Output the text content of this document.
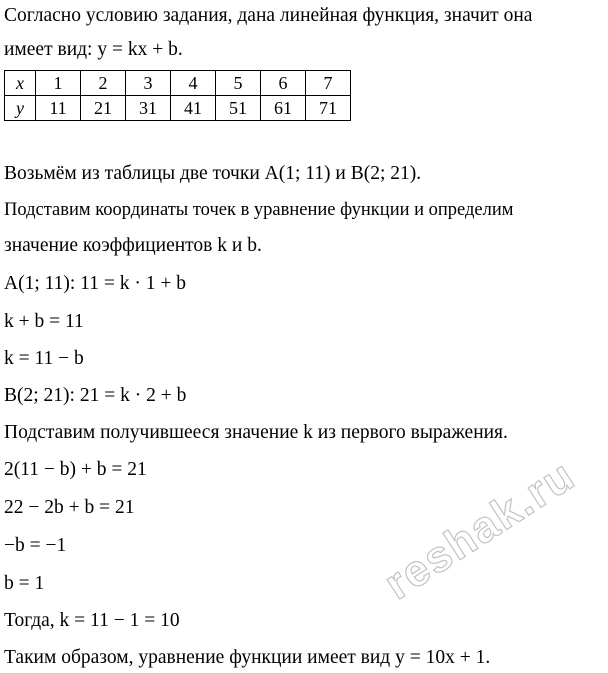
Согласно условию задания, дана линейная функция, значит она
имеет вид: y = kx + b.
x	1	2	3	4	5	6	7
y	11	21	31	41	51	61	71
Возьмём из таблицы две точки A(1; 11) и B(2; 21).
Подставим координаты точек в уравнение функции и определим
значение коэффициентов k и b.
A(1; 11): 11 = k · 1 + b
k + b = 11
k = 11 − b
B(2; 21): 21 = k · 2 + b
Подставим получившееся значение k из первого выражения.
2(11 − b) + b = 21
22 − 2b + b = 21
−b = −1
b = 1
Тогда, k = 11 − 1 = 10
Таким образом, уравнение функции имеет вид y = 10x + 1.
reshak.ru
